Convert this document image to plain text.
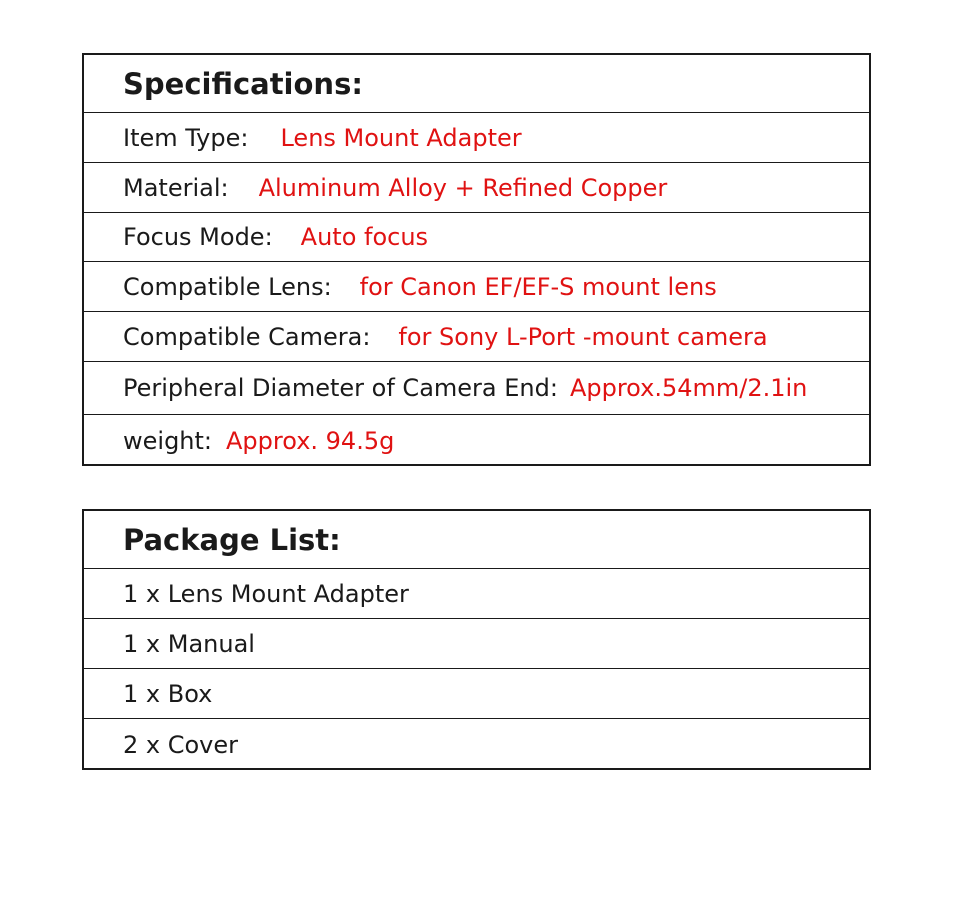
Specifications:
Item Type: Lens Mount Adapter
Material: Aluminum Alloy + Refined Copper
Focus Mode: Auto focus
Compatible Lens: for Canon EF/EF-S mount lens
Compatible Camera: for Sony L-Port -mount camera
Peripheral Diameter of Camera End: Approx.54mm/2.1in
weight: Approx. 94.5g
Package List:
1 x Lens Mount Adapter
1 x Manual
1 x Box
2 x Cover
